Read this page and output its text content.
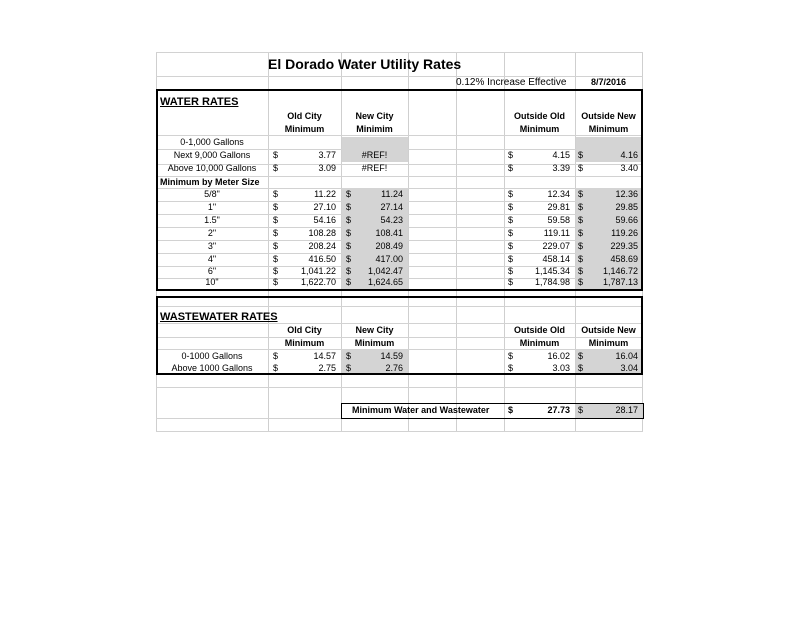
El Dorado Water Utility Rates
0.12% Increase Effective	8/7/2016
WATER RATES
Old City	New City	Outside Old	Outside New
Minimum	Minimim	Minimum	Minimum
0-1,000 Gallons
Next 9,000 Gallons	$	3.77	#REF!	$	4.15 $	4.16
Above 10,000 Gallons	$	3.09	#REF!	$	3.39 $	3.40
Minimum by Meter Size
5/8"	$	11.22 $	11.24	$	12.34 $	12.36
1"	$	27.10 $	27.14	$	29.81 $	29.85
1.5"	$	54.16 $	54.23	$	59.58 $	59.66
2"	$	108.28 $	108.41	$	119.11 $	119.26
3"	$	208.24 $	208.49	$	229.07 $	229.35
4"	$	416.50 $	417.00	$	458.14 $	458.69
6"	$	1,041.22 $	1,042.47	$	1,145.34 $	1,146.72
10"	$	1,622.70 $	1,624.65	$	1,784.98 $	1,787.13
WASTEWATER RATES
Old City	New City	Outside Old	Outside New
Minimum	Minimum	Minimum	Minimum
0-1000 Gallons	$	14.57 $	14.59	$	16.02 $	16.04
Above 1000 Gallons	$	2.75 $	2.76	$	3.03 $	3.04
Minimum Water and Wastewater $	27.73 $	28.17
